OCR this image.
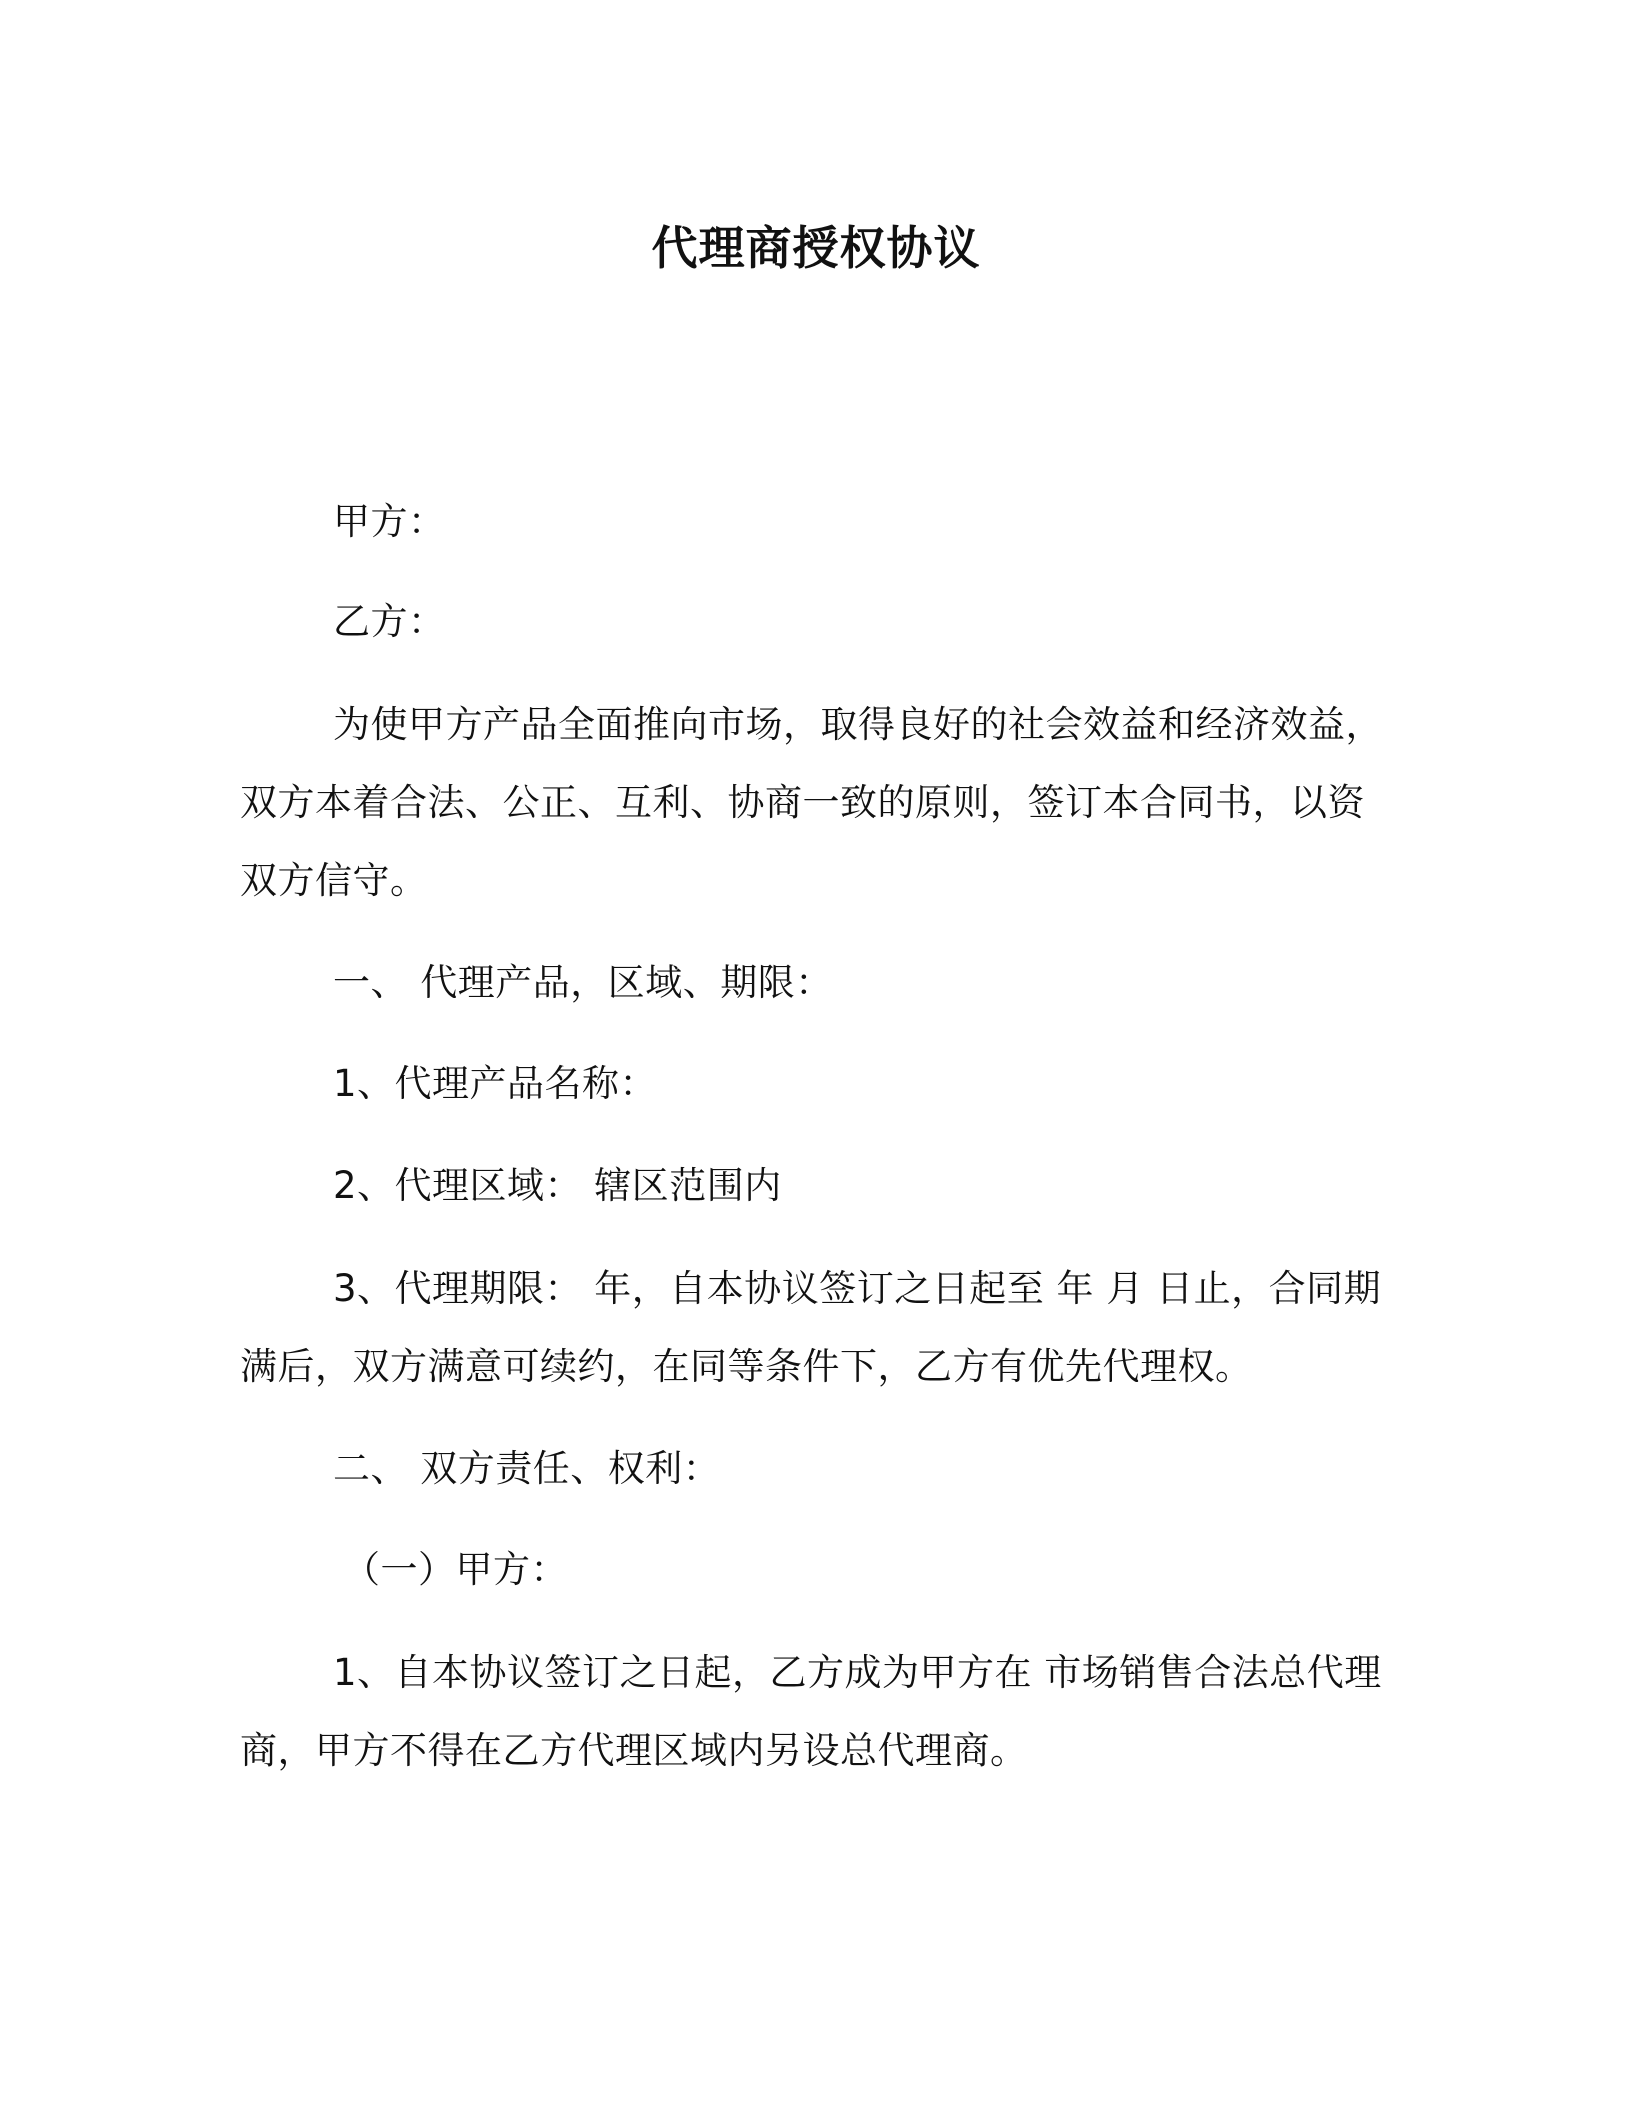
代理商授权协议
甲方：
乙方：
为使甲方产品全面推向市场，取得良好的社会效益和经济效益，
双方本着合法、公正、互利、协商一致的原则，签订本合同书，以资
双方信守。
一、 代理产品，区域、期限：
1、代理产品名称：
2、代理区域： 辖区范围内
3、代理期限： 年，自本协议签订之日起至 年 月 日止，合同期
满后，双方满意可续约，在同等条件下，乙方有优先代理权。
二、 双方责任、权利：
（一）甲方：
1、自本协议签订之日起，乙方成为甲方在 市场销售合法总代理
商，甲方不得在乙方代理区域内另设总代理商。
